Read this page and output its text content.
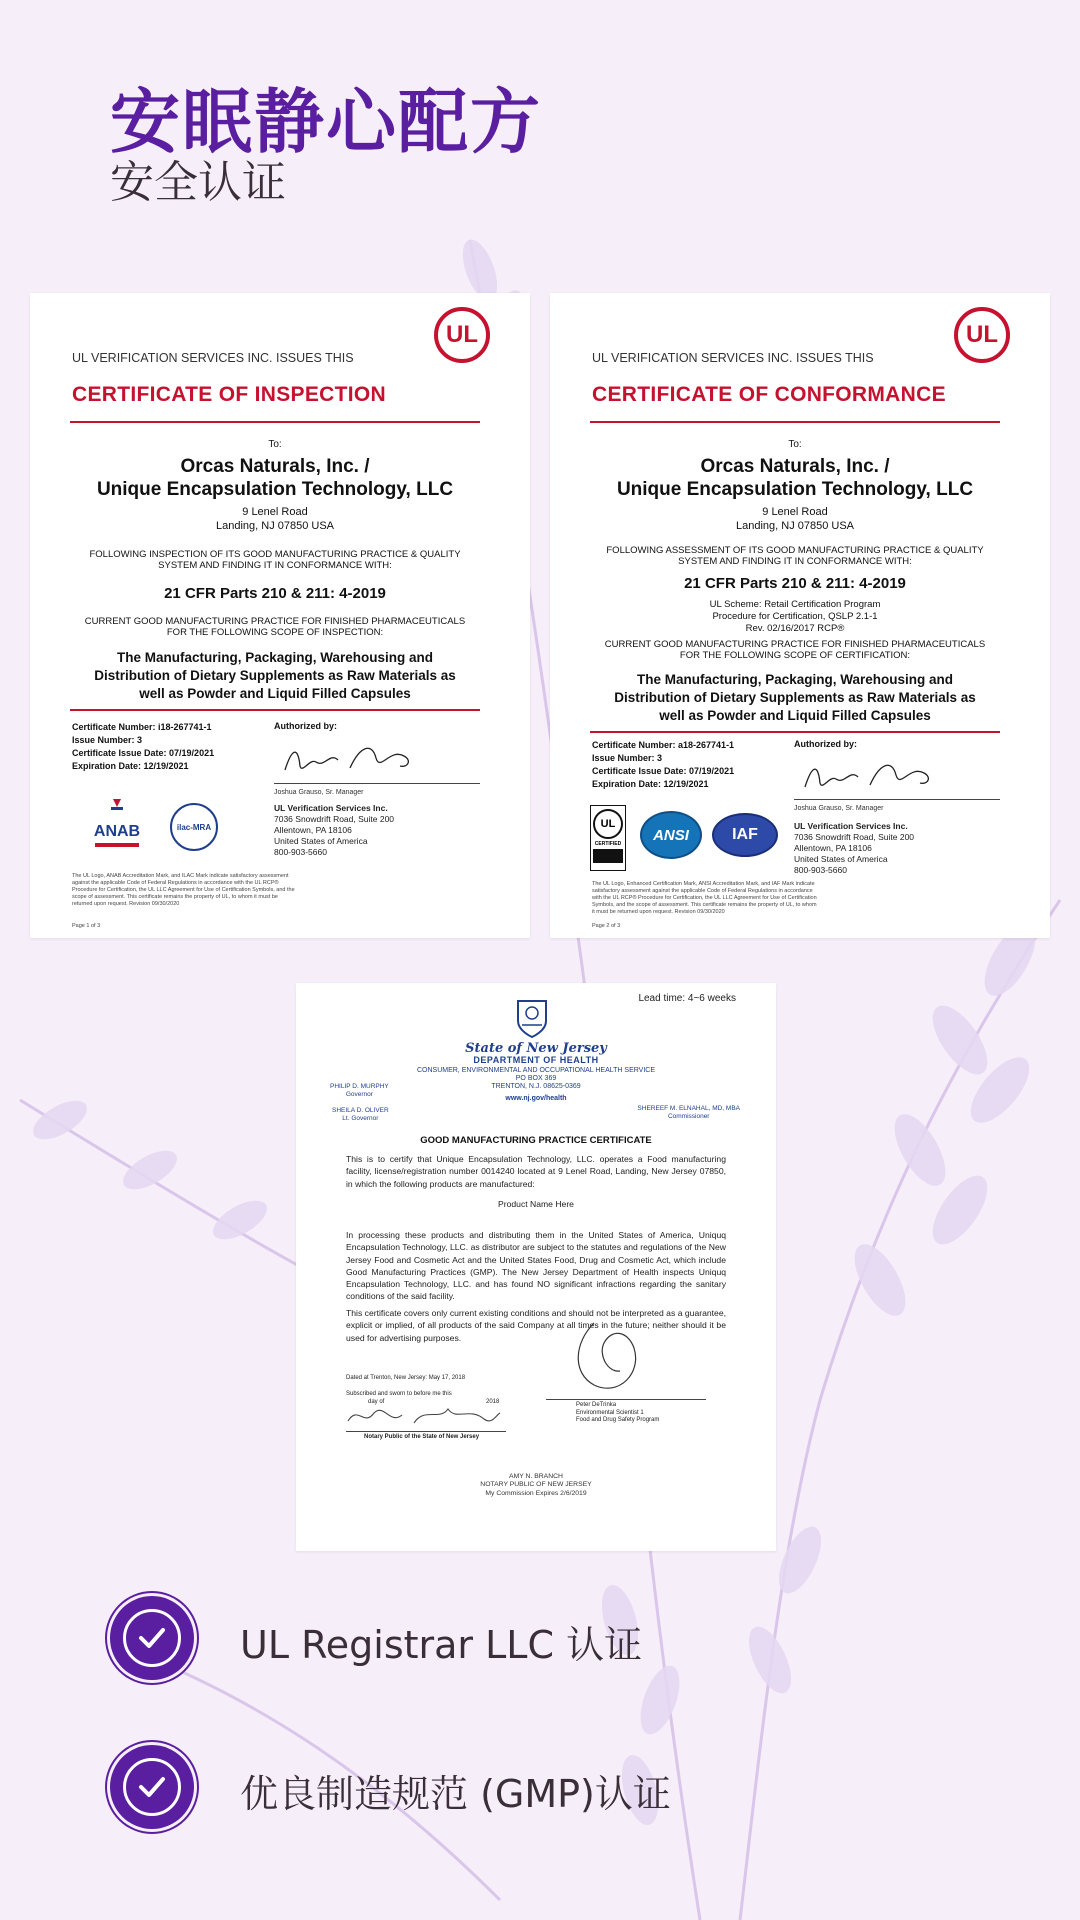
安眠静心配方
安全认证
UL
UL VERIFICATION SERVICES INC. ISSUES THIS
CERTIFICATE OF INSPECTION
To:
Orcas Naturals, Inc. /
Unique Encapsulation Technology, LLC
9 Lenel Road
Landing, NJ 07850 USA
FOLLOWING INSPECTION OF ITS GOOD MANUFACTURING PRACTICE & QUALITY
SYSTEM AND FINDING IT IN CONFORMANCE WITH:
21 CFR Parts 210 & 211: 4-2019
CURRENT GOOD MANUFACTURING PRACTICE FOR FINISHED PHARMACEUTICALS
FOR THE FOLLOWING SCOPE OF INSPECTION:
The Manufacturing, Packaging, Warehousing and
Distribution of Dietary Supplements as Raw Materials as
well as Powder and Liquid Filled Capsules
Certificate Number: i18-267741-1
Issue Number: 3
Certificate Issue Date: 07/19/2021
Expiration Date: 12/19/2021
Authorized by:
Joshua Grauso, Sr. Manager
UL Verification Services Inc.
7036 Snowdrift Road, Suite 200
Allentown, PA 18106
United States of America
800-903-5660
ANAB	ilac-MRA
The UL Logo, ANAB Accreditation Mark, and ILAC Mark indicate satisfactory assessment against the applicable Code of Federal Regulations in accordance with the UL RCP® Procedure for Certification, the UL LLC Agreement for Use of Certification Symbols, and the scope of assessment. This certificate remains the property of UL, to whom it must be returned upon request. Revision 09/30/2020
Page 1 of 3
UL
UL VERIFICATION SERVICES INC. ISSUES THIS
CERTIFICATE OF CONFORMANCE
To:
Orcas Naturals, Inc. /
Unique Encapsulation Technology, LLC
9 Lenel Road
Landing, NJ 07850 USA
FOLLOWING ASSESSMENT OF ITS GOOD MANUFACTURING PRACTICE & QUALITY
SYSTEM AND FINDING IT IN CONFORMANCE WITH:
21 CFR Parts 210 & 211: 4-2019
UL Scheme: Retail Certification Program
Procedure for Certification, QSLP 2.1-1
Rev. 02/16/2017 RCP®
CURRENT GOOD MANUFACTURING PRACTICE FOR FINISHED PHARMACEUTICALS
FOR THE FOLLOWING SCOPE OF CERTIFICATION:
The Manufacturing, Packaging, Warehousing and
Distribution of Dietary Supplements as Raw Materials as
well as Powder and Liquid Filled Capsules
Certificate Number: a18-267741-1
Issue Number: 3
Certificate Issue Date: 07/19/2021
Expiration Date: 12/19/2021
Authorized by:
Joshua Grauso, Sr. Manager
UL Verification Services Inc.
7036 Snowdrift Road, Suite 200
Allentown, PA 18106
United States of America
800-903-5660
UL
CERTIFIED
ANSI	IAF
The UL Logo, Enhanced Certification Mark, ANSI Accreditation Mark, and IAF Mark indicate satisfactory assessment against the applicable Code of Federal Regulations in accordance with the UL RCP® Procedure for Certification, the UL LLC Agreement for Use of Certification Symbols, and the scope of assessment. This certificate remains the property of UL, to whom it must be returned upon request. Revision 09/30/2020
Page 2 of 3
Lead time: 4~6 weeks
State of New Jersey
DEPARTMENT OF HEALTH
CONSUMER, ENVIRONMENTAL AND OCCUPATIONAL HEALTH SERVICE
PO BOX 369
TRENTON, N.J. 08625-0369
www.nj.gov/health
PHILIP D. MURPHY
Governor
SHEILA D. OLIVER
Lt. Governor
SHEREEF M. ELNAHAL, MD, MBA
Commissioner
GOOD MANUFACTURING PRACTICE CERTIFICATE
This is to certify that Unique Encapsulation Technology, LLC. operates a Food manufacturing facility, license/registration number 0014240 located at 9 Lenel Road, Landing, New Jersey 07850, in which the following products are manufactured:
Product Name Here
In processing these products and distributing them in the United States of America, Uniquq Encapsulation Technology, LLC. as distributor are subject to the statutes and regulations of the New Jersey Food and Cosmetic Act and the United States Food, Drug and Cosmetic Act, which include Good Manufacturing Practices (GMP). The New Jersey Department of Health inspects Uniquq Encapsulation Technology, LLC. and has found NO significant infractions regarding the sanitary conditions of the said facility.
This certificate covers only current existing conditions and should not be interpreted as a guarantee, explicit or implied, of all products of the said Company at all times in the future; neither should it be used for advertising purposes.
Dated at Trenton, New Jersey: May 17, 2018
Subscribed and sworn to before me this
day of	2018
Notary Public of the State of New Jersey
Peter DeTrinka
Environmental Scientist 1
Food and Drug Safety Program
AMY N. BRANCH
NOTARY PUBLIC OF NEW JERSEY
My Commission Expires 2/6/2019
UL Registrar LLC 认证
优良制造规范 (GMP)认证
